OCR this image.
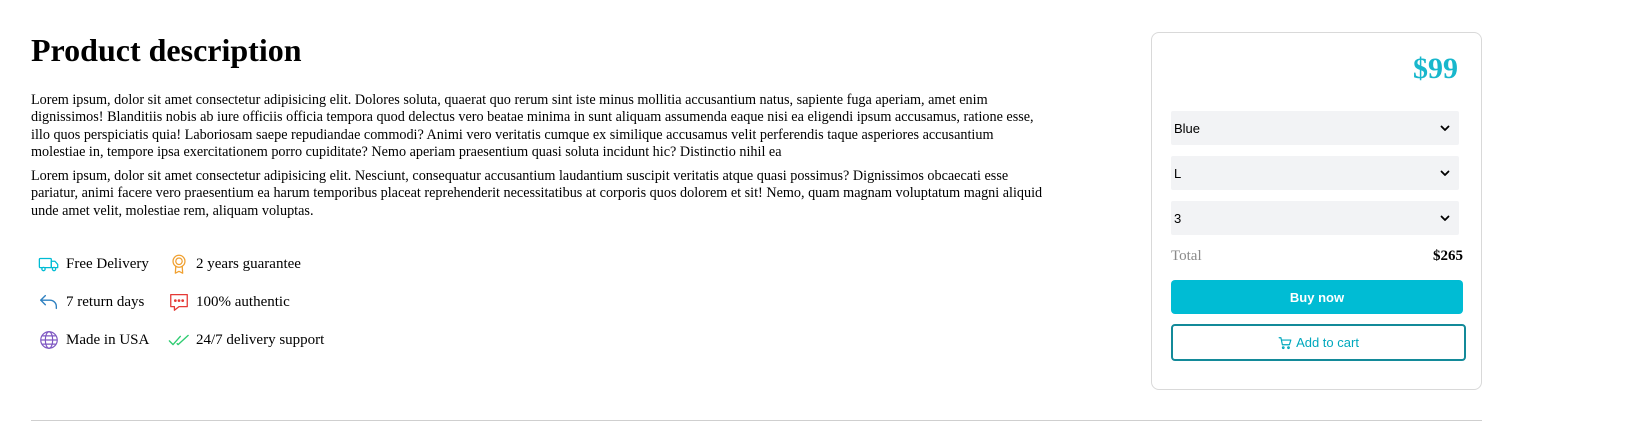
Product description

Lorem ipsum, dolor sit amet consectetur adipisicing elit. Dolores soluta, quaerat quo rerum sint iste minus mollitia accusantium natus, sapiente fuga aperiam, amet enim dignissimos! Blanditiis nobis ab iure officiis officia tempora quod delectus vero beatae minima in sunt aliquam assumenda eaque nisi ea eligendi ipsum accusamus, ratione esse, illo quos perspiciatis quia! Laboriosam saepe repudiandae commodi? Animi vero veritatis cumque ex similique accusamus velit perferendis taque asperiores accusantium molestiae in, tempore ipsa exercitationem porro cupiditate? Nemo aperiam praesentium quasi soluta incidunt hic? Distinctio nihil ea

Lorem ipsum, dolor sit amet consectetur adipisicing elit. Nesciunt, consequatur accusantium laudantium suscipit veritatis atque quasi possimus? Dignissimos obcaecati esse pariatur, animi facere vero praesentium ea harum temporibus placeat reprehenderit necessitatibus at corporis quos dolorem et sit! Nemo, quam magnam voluptatum magni aliquid unde amet velit, molestiae rem, aliquam voluptas.

Free Delivery	2 years guarantee
7 return days	100% authentic
Made in USA	24/7 delivery support
$99
Blue
L
3
Total	$265
Buy now
Add to cart
